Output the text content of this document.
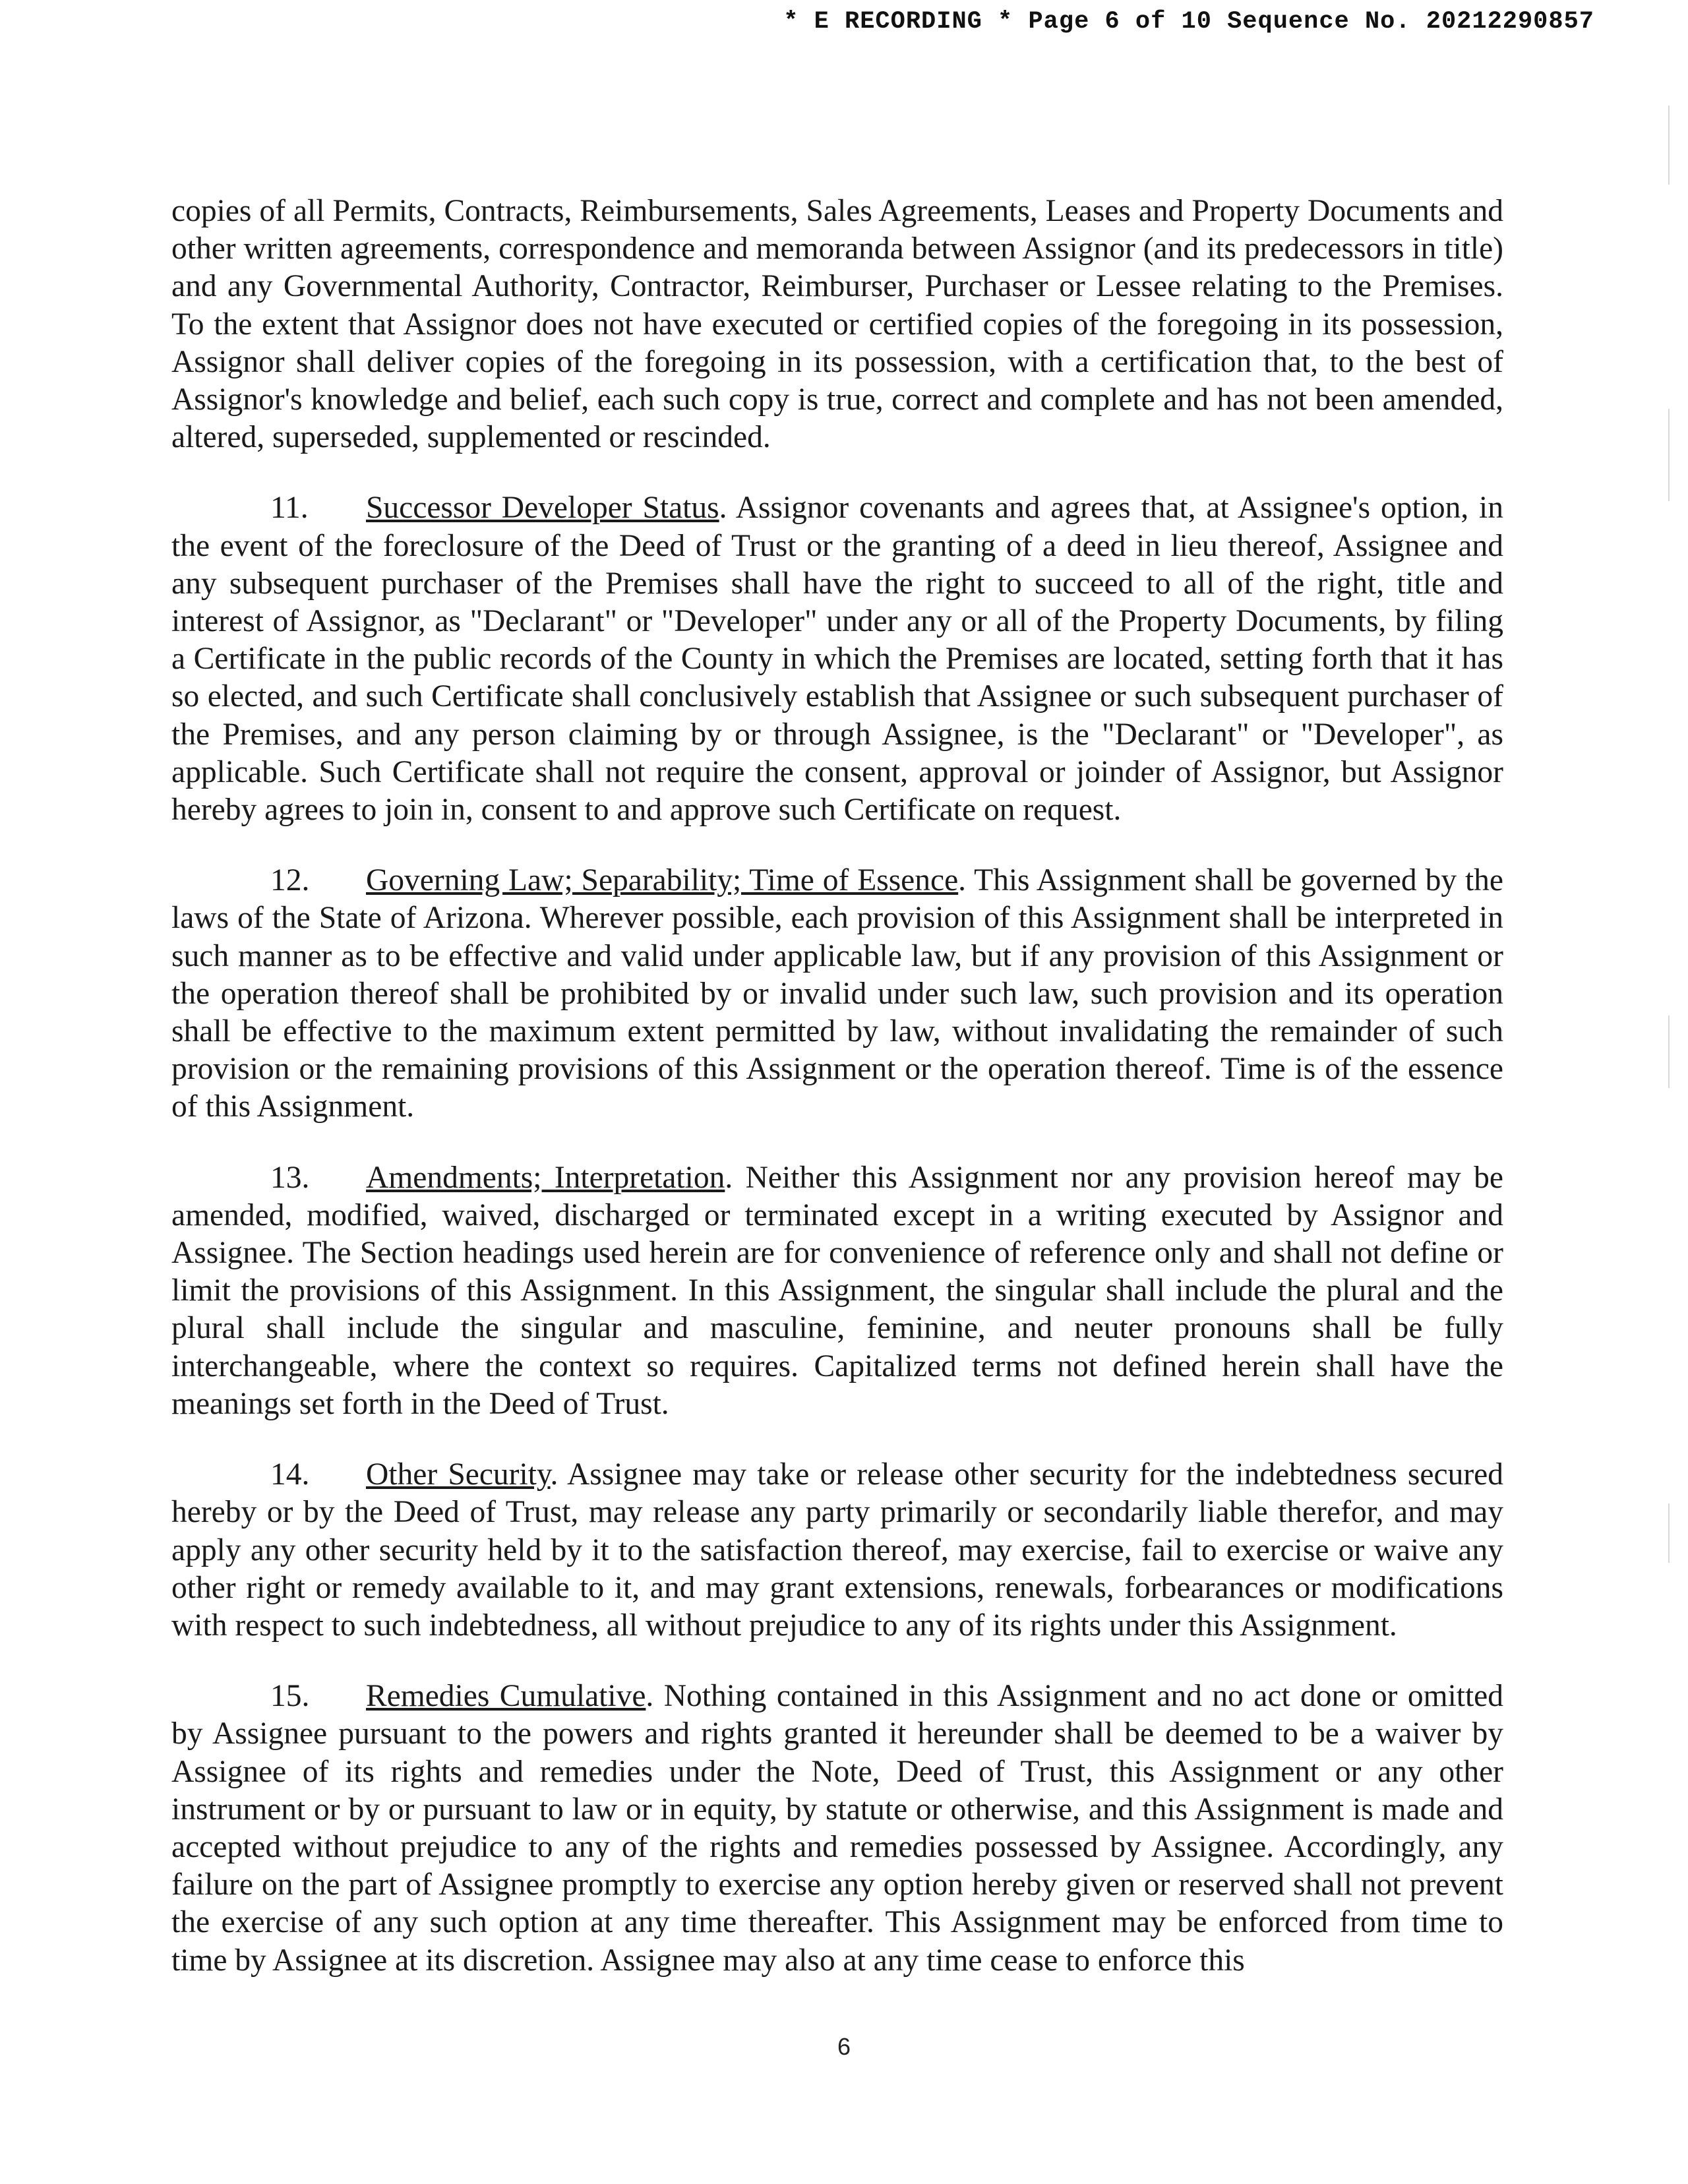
* E RECORDING * Page 6 of 10 Sequence No. 20212290857

copies of all Permits, Contracts, Reimbursements, Sales Agreements, Leases and Property Documents and other written agreements, correspondence and memoranda between Assignor (and its predecessors in title) and any Governmental Authority, Contractor, Reimburser, Purchaser or Lessee relating to the Premises. To the extent that Assignor does not have executed or certified copies of the foregoing in its possession, Assignor shall deliver copies of the foregoing in its possession, with a certification that, to the best of Assignor's knowledge and belief, each such copy is true, correct and complete and has not been amended, altered, superseded, supplemented or rescinded.

11. Successor Developer Status. Assignor covenants and agrees that, at Assignee's option, in the event of the foreclosure of the Deed of Trust or the granting of a deed in lieu thereof, Assignee and any subsequent purchaser of the Premises shall have the right to succeed to all of the right, title and interest of Assignor, as "Declarant" or "Developer" under any or all of the Property Documents, by filing a Certificate in the public records of the County in which the Premises are located, setting forth that it has so elected, and such Certificate shall conclusively establish that Assignee or such subsequent purchaser of the Premises, and any person claiming by or through Assignee, is the "Declarant" or "Developer", as applicable. Such Certificate shall not require the consent, approval or joinder of Assignor, but Assignor hereby agrees to join in, consent to and approve such Certificate on request.

12. Governing Law; Separability; Time of Essence. This Assignment shall be governed by the laws of the State of Arizona. Wherever possible, each provision of this Assignment shall be interpreted in such manner as to be effective and valid under applicable law, but if any provision of this Assignment or the operation thereof shall be prohibited by or invalid under such law, such provision and its operation shall be effective to the maximum extent permitted by law, without invalidating the remainder of such provision or the remaining provisions of this Assignment or the operation thereof. Time is of the essence of this Assignment.

13. Amendments; Interpretation. Neither this Assignment nor any provision hereof may be amended, modified, waived, discharged or terminated except in a writing executed by Assignor and Assignee. The Section headings used herein are for convenience of reference only and shall not define or limit the provisions of this Assignment. In this Assignment, the singular shall include the plural and the plural shall include the singular and masculine, feminine, and neuter pronouns shall be fully interchangeable, where the context so requires. Capitalized terms not defined herein shall have the meanings set forth in the Deed of Trust.

14. Other Security. Assignee may take or release other security for the indebtedness secured hereby or by the Deed of Trust, may release any party primarily or secondarily liable therefor, and may apply any other security held by it to the satisfaction thereof, may exercise, fail to exercise or waive any other right or remedy available to it, and may grant extensions, renewals, forbearances or modifications with respect to such indebtedness, all without prejudice to any of its rights under this Assignment.

15. Remedies Cumulative. Nothing contained in this Assignment and no act done or omitted by Assignee pursuant to the powers and rights granted it hereunder shall be deemed to be a waiver by Assignee of its rights and remedies under the Note, Deed of Trust, this Assignment or any other instrument or by or pursuant to law or in equity, by statute or otherwise, and this Assignment is made and accepted without prejudice to any of the rights and remedies possessed by Assignee. Accordingly, any failure on the part of Assignee promptly to exercise any option hereby given or reserved shall not prevent the exercise of any such option at any time thereafter. This Assignment may be enforced from time to time by Assignee at its discretion. Assignee may also at any time cease to enforce this

6
